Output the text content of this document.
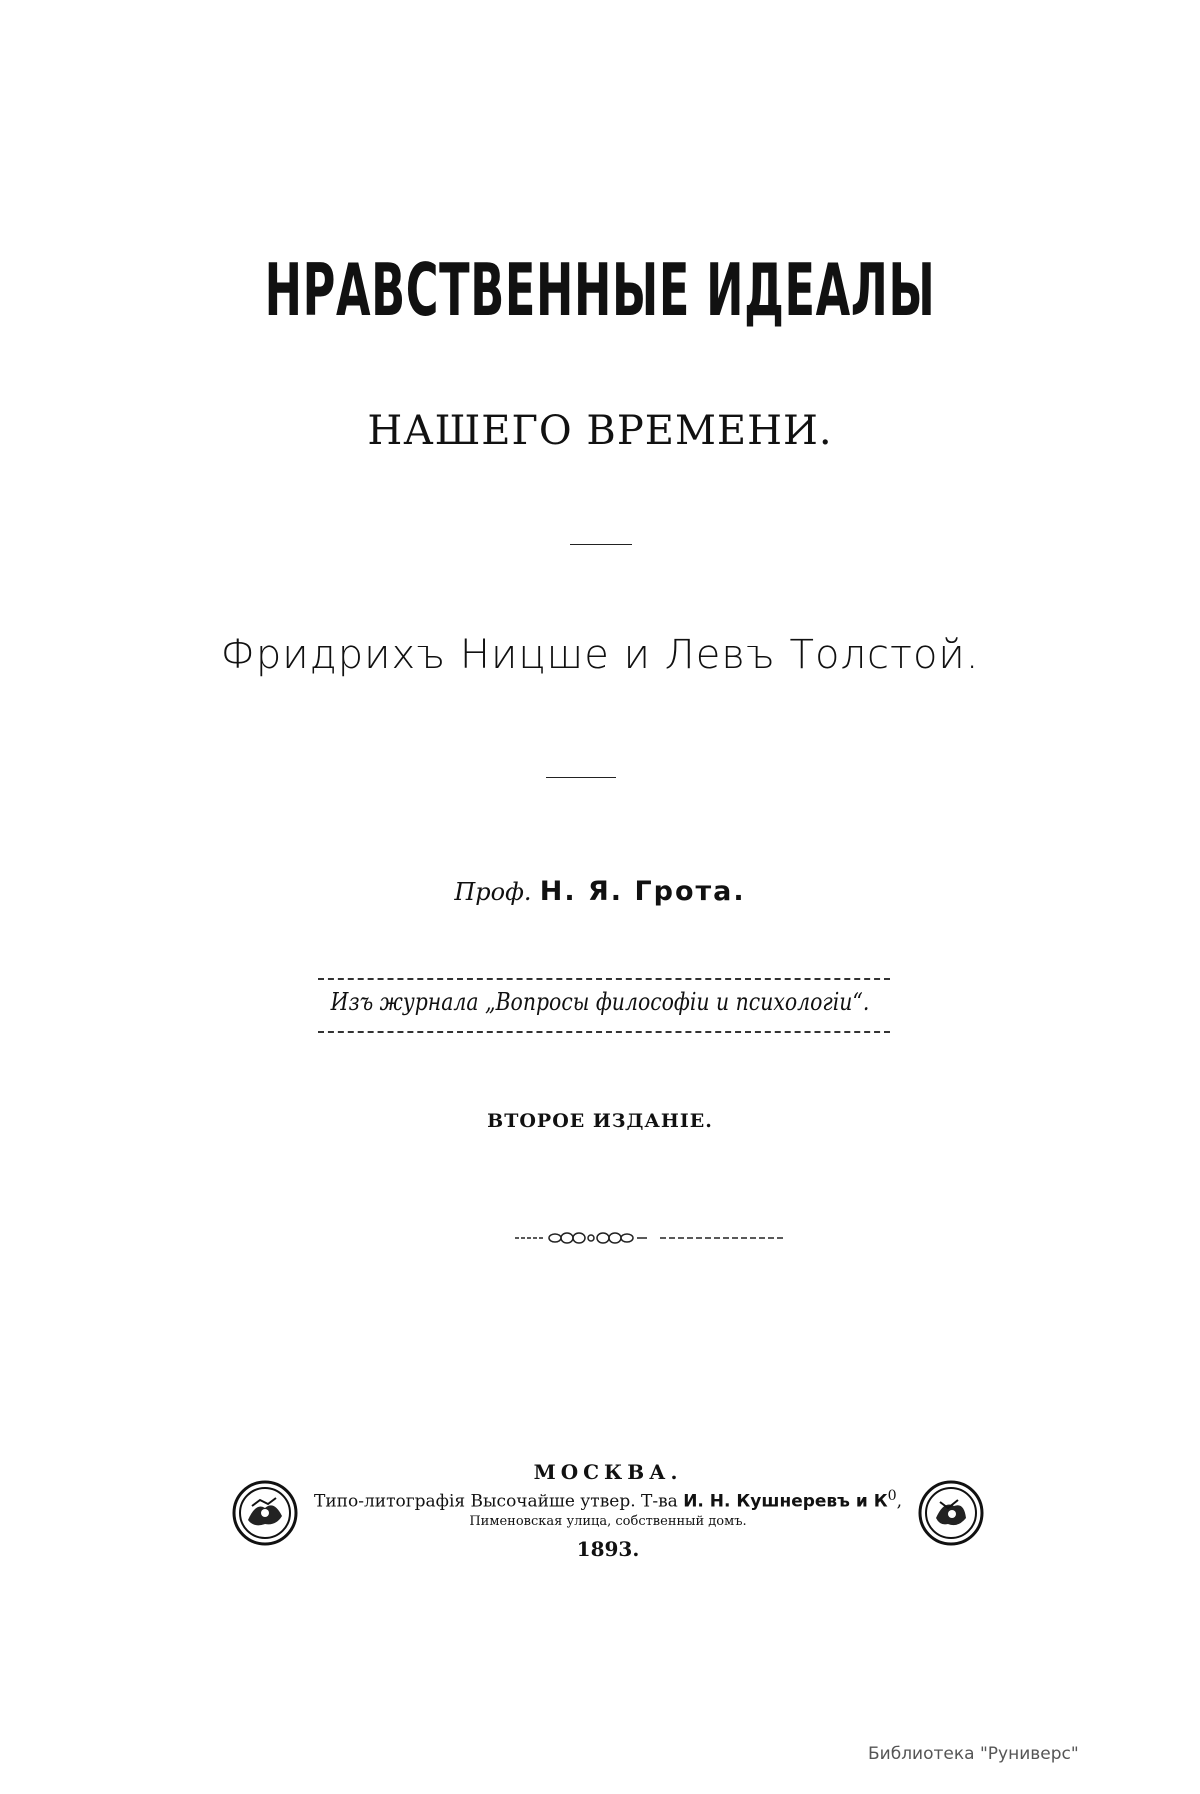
НРАВСТВЕННЫЕ ИДЕАЛЫ
НАШЕГО ВРЕМЕНИ.
Фридрихъ Ницше и Левъ Толстой.
Проф. Н. Я. Грота.
Изъ журнала „Вопросы философіи и психологіи“.
ВТОРОЕ ИЗДАНІЕ.
МОСКВА.
Типо-литографія Высочайше утвер. Т-ва И. Н. Кушнеревъ и $К^0$,
Пименовская улица, собственный домъ.
1893.
Библиотека "Руниверс"
